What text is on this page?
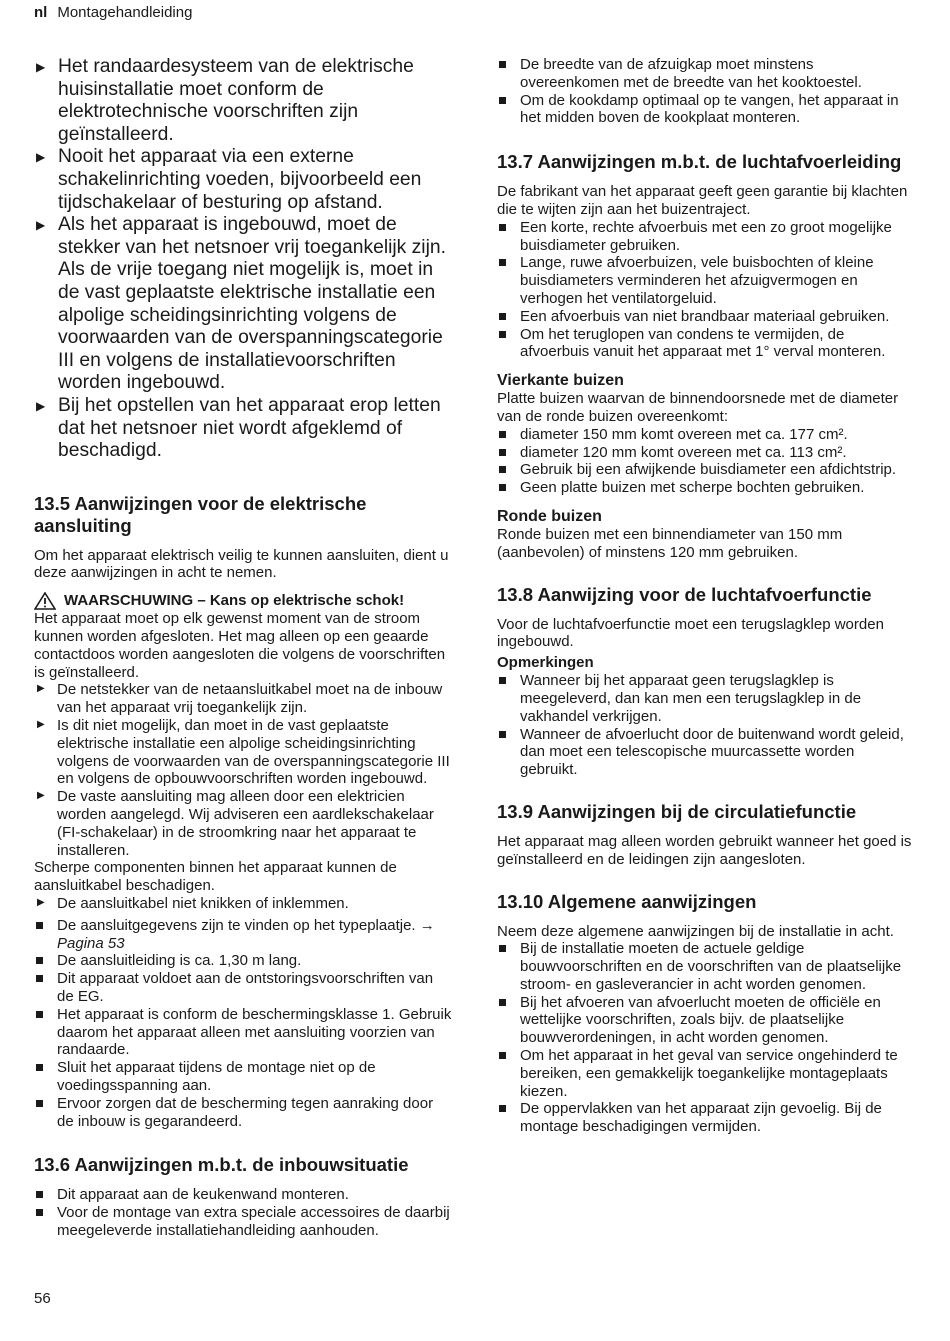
nl Montagehandleiding
▶ Het randaardesysteem van de elektrische huisinstallatie moet conform de elektrotechnische voorschriften zijn geïnstalleerd.
▶ Nooit het apparaat via een externe schakelinrichting voeden, bijvoorbeeld een tijdschakelaar of besturing op afstand.
▶ Als het apparaat is ingebouwd, moet de stekker van het netsnoer vrij toegankelijk zijn. Als de vrije toegang niet mogelijk is, moet in de vast geplaatste elektrische installatie een alpolige scheidingsinrichting volgens de voorwaarden van de overspanningscategorie III en volgens de installatievoorschriften worden ingebouwd.
▶ Bij het opstellen van het apparaat erop letten dat het netsnoer niet wordt afgeklemd of beschadigd.
13.5 Aanwijzingen voor de elektrische aansluiting

Om het apparaat elektrisch veilig te kunnen aansluiten, dient u deze aanwijzingen in acht te nemen.

WAARSCHUWING – Kans op elektrische schok!

Het apparaat moet op elk gewenst moment van de stroom kunnen worden afgesloten. Het mag alleen op een geaarde contactdoos worden aangesloten die volgens de voorschriften is geïnstalleerd.

▶ De netstekker van de netaansluitkabel moet na de inbouw van het apparaat vrij toegankelijk zijn.
▶ Is dit niet mogelijk, dan moet in de vast geplaatste elektrische installatie een alpolige scheidingsinrichting volgens de voorwaarden van de overspanningscategorie III en volgens de opbouwvoorschriften worden ingebouwd.
▶ De vaste aansluiting mag alleen door een elektricien worden aangelegd. Wij adviseren een aardlekschakelaar (FI-schakelaar) in de stroomkring naar het apparaat te installeren.

Scherpe componenten binnen het apparaat kunnen de aansluitkabel beschadigen.

▶ De aansluitkabel niet knikken of inklemmen.
De aansluitgegevens zijn te vinden op het typeplaatje. → Pagina 53
De aansluitleiding is ca. 1,30 m lang.
Dit apparaat voldoet aan de ontstoringsvoorschriften van de EG.
Het apparaat is conform de beschermingsklasse 1. Gebruik daarom het apparaat alleen met aansluiting voorzien van randaarde.
Sluit het apparaat tijdens de montage niet op de voedingsspanning aan.
Ervoor zorgen dat de bescherming tegen aanraking door de inbouw is gegarandeerd.
13.6 Aanwijzingen m.b.t. de inbouwsituatie
Dit apparaat aan de keukenwand monteren.
Voor de montage van extra speciale accessoires de daarbij meegeleverde installatiehandleiding aanhouden.
De breedte van de afzuigkap moet minstens overeenkomen met de breedte van het kooktoestel.
Om de kookdamp optimaal op te vangen, het apparaat in het midden boven de kookplaat monteren.
13.7 Aanwijzingen m.b.t. de luchtafvoerleiding

De fabrikant van het apparaat geeft geen garantie bij klachten die te wijten zijn aan het buizentraject.

Een korte, rechte afvoerbuis met een zo groot mogelijke buisdiameter gebruiken.
Lange, ruwe afvoerbuizen, vele buisbochten of kleine buisdiameters verminderen het afzuigvermogen en verhogen het ventilatorgeluid.
Een afvoerbuis van niet brandbaar materiaal gebruiken.
Om het teruglopen van condens te vermijden, de afvoerbuis vanuit het apparaat met 1° verval monteren.
Vierkante buizen

Platte buizen waarvan de binnendoorsnede met de diameter van de ronde buizen overeenkomt:

diameter 150 mm komt overeen met ca. 177 cm².
diameter 120 mm komt overeen met ca. 113 cm².
Gebruik bij een afwijkende buisdiameter een afdichtstrip.
Geen platte buizen met scherpe bochten gebruiken.
Ronde buizen

Ronde buizen met een binnendiameter van 150 mm (aanbevolen) of minstens 120 mm gebruiken.

13.8 Aanwijzing voor de luchtafvoerfunctie

Voor de luchtafvoerfunctie moet een terugslagklep worden ingebouwd.

Opmerkingen
Wanneer bij het apparaat geen terugslagklep is meegeleverd, dan kan men een terugslagklep in de vakhandel verkrijgen.
Wanneer de afvoerlucht door de buitenwand wordt geleid, dan moet een telescopische muurcassette worden gebruikt.
13.9 Aanwijzingen bij de circulatiefunctie

Het apparaat mag alleen worden gebruikt wanneer het goed is geïnstalleerd en de leidingen zijn aangesloten.

13.10 Algemene aanwijzingen

Neem deze algemene aanwijzingen bij de installatie in acht.

Bij de installatie moeten de actuele geldige bouwvoorschriften en de voorschriften van de plaatselijke stroom- en gasleverancier in acht worden genomen.
Bij het afvoeren van afvoerlucht moeten de officiële en wettelijke voorschriften, zoals bijv. de plaatselijke bouwverordeningen, in acht worden genomen.
Om het apparaat in het geval van service ongehinderd te bereiken, een gemakkelijk toegankelijke montageplaats kiezen.
De oppervlakken van het apparaat zijn gevoelig. Bij de montage beschadigingen vermijden.
56
